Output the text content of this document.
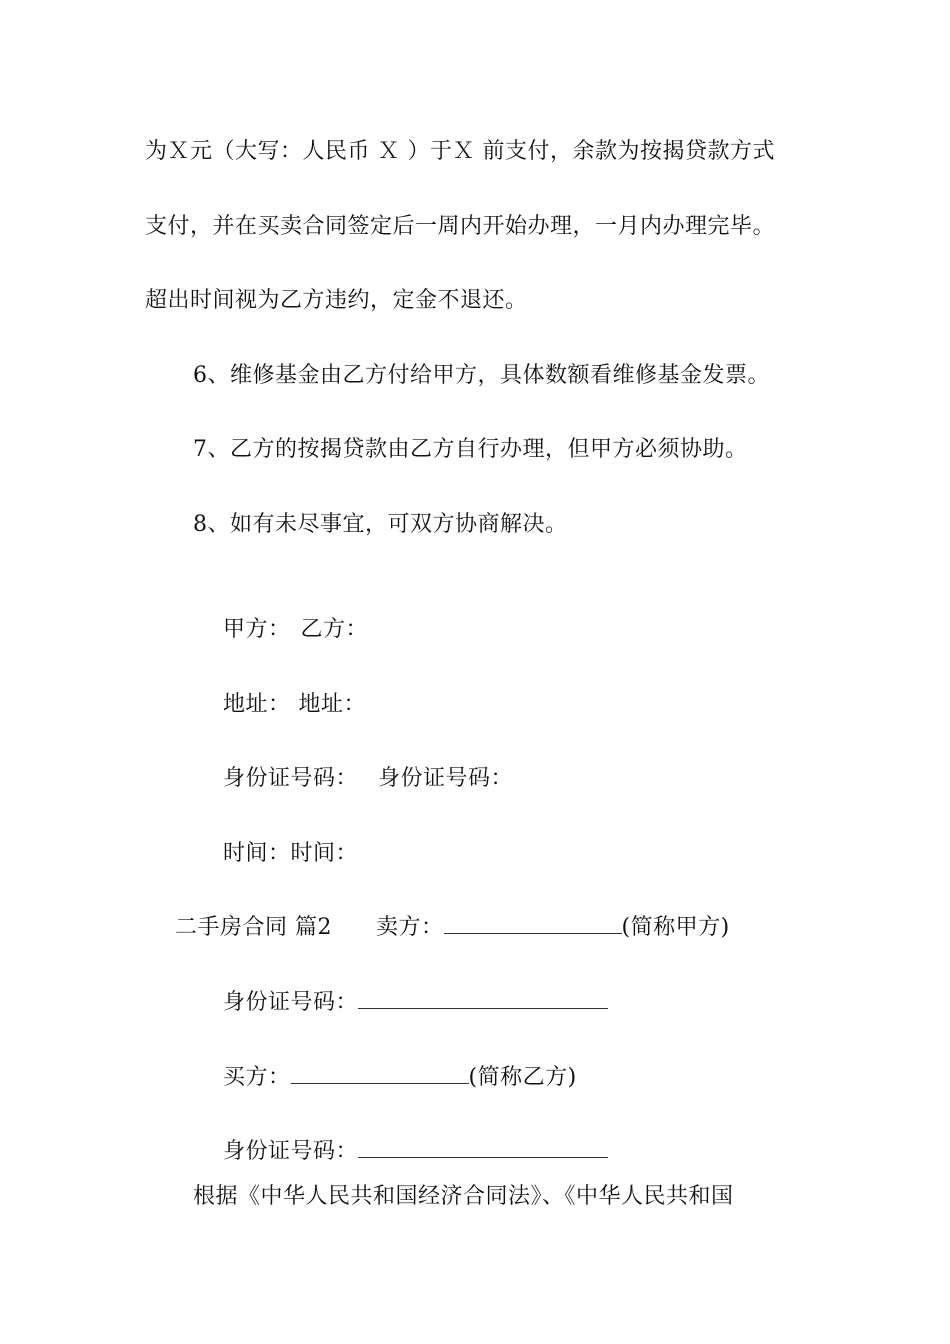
为Ｘ元（大写：人民币 Ｘ ）于Ｘ 前支付，余款为按揭贷款方式
支付，并在买卖合同签定后一周内开始办理，一月内办理完毕。
超出时间视为乙方违约，定金不退还。
6、维修基金由乙方付给甲方，具体数额看维修基金发票。
7、乙方的按揭贷款由乙方自行办理，但甲方必须协助。
8、如有未尽事宜，可双方协商解决。

甲方： 乙方：

地址： 地址：

身份证号码： 身份证号码：

时间：时间：

二手房合同 篇2 卖方：	(简称甲方)

身份证号码：

买方：	(简称乙方)

身份证号码：

根据《中华人民共和国经济合同法》、《中华人民共和国
